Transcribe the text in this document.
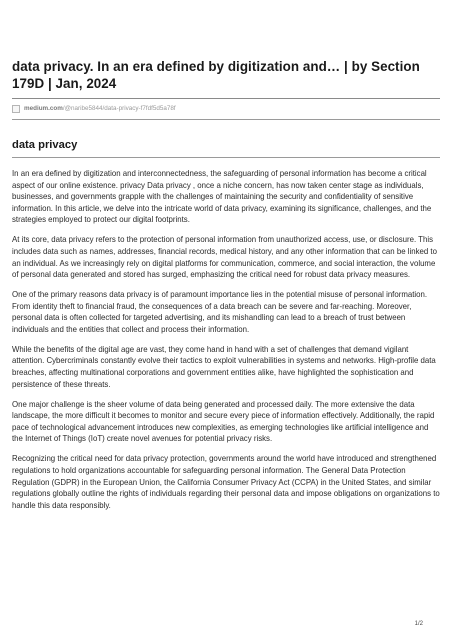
data privacy. In an era defined by digitization and… | by Section 179D | Jan, 2024
medium.com/@naribe5844/data-privacy-f7fdf5d5a78f
data privacy

In an era defined by digitization and interconnectedness, the safeguarding of personal information has become a critical aspect of our online existence. privacy Data privacy , once a niche concern, has now taken center stage as individuals, businesses, and governments grapple with the challenges of maintaining the security and confidentiality of sensitive information. In this article, we delve into the intricate world of data privacy, examining its significance, challenges, and the strategies employed to protect our digital footprints.

At its core, data privacy refers to the protection of personal information from unauthorized access, use, or disclosure. This includes data such as names, addresses, financial records, medical history, and any other information that can be linked to an individual. As we increasingly rely on digital platforms for communication, commerce, and social interaction, the volume of personal data generated and stored has surged, emphasizing the critical need for robust data privacy measures.

One of the primary reasons data privacy is of paramount importance lies in the potential misuse of personal information. From identity theft to financial fraud, the consequences of a data breach can be severe and far-reaching. Moreover, personal data is often collected for targeted advertising, and its mishandling can lead to a breach of trust between individuals and the entities that collect and process their information.

While the benefits of the digital age are vast, they come hand in hand with a set of challenges that demand vigilant attention. Cybercriminals constantly evolve their tactics to exploit vulnerabilities in systems and networks. High-profile data breaches, affecting multinational corporations and government entities alike, have highlighted the sophistication and persistence of these threats.

One major challenge is the sheer volume of data being generated and processed daily. The more extensive the data landscape, the more difficult it becomes to monitor and secure every piece of information effectively. Additionally, the rapid pace of technological advancement introduces new complexities, as emerging technologies like artificial intelligence and the Internet of Things (IoT) create novel avenues for potential privacy risks.

Recognizing the critical need for data privacy protection, governments around the world have introduced and strengthened regulations to hold organizations accountable for safeguarding personal information. The General Data Protection Regulation (GDPR) in the European Union, the California Consumer Privacy Act (CCPA) in the United States, and similar regulations globally outline the rights of individuals regarding their personal data and impose obligations on organizations to handle this data responsibly.

1/2
